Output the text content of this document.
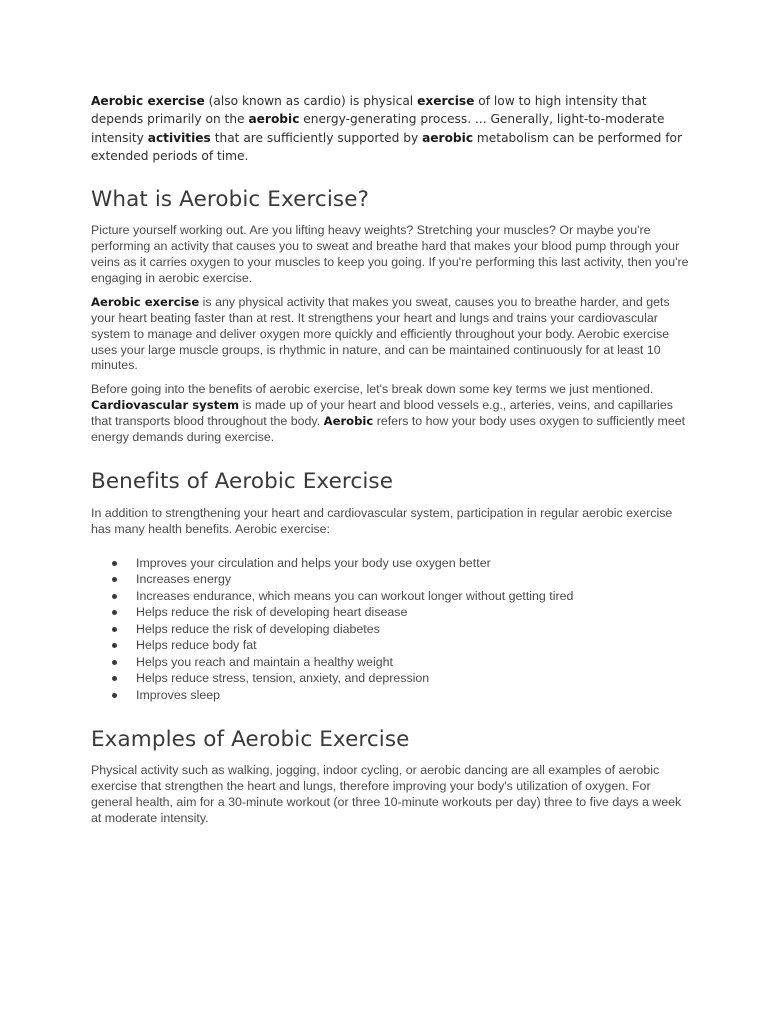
Aerobic exercise (also known as cardio) is physical exercise of low to high intensity that depends primarily on the aerobic energy-generating process. ... Generally, light-to-moderate intensity activities that are sufficiently supported by aerobic metabolism can be performed for extended periods of time.

What is Aerobic Exercise?

Picture yourself working out. Are you lifting heavy weights? Stretching your muscles? Or maybe you're performing an activity that causes you to sweat and breathe hard that makes your blood pump through your veins as it carries oxygen to your muscles to keep you going. If you're performing this last activity, then you're engaging in aerobic exercise.

Aerobic exercise is any physical activity that makes you sweat, causes you to breathe harder, and gets your heart beating faster than at rest. It strengthens your heart and lungs and trains your cardiovascular system to manage and deliver oxygen more quickly and efficiently throughout your body. Aerobic exercise uses your large muscle groups, is rhythmic in nature, and can be maintained continuously for at least 10 minutes.

Before going into the benefits of aerobic exercise, let's break down some key terms we just mentioned. Cardiovascular system is made up of your heart and blood vessels e.g., arteries, veins, and capillaries that transports blood throughout the body. Aerobic refers to how your body uses oxygen to sufficiently meet energy demands during exercise.

Benefits of Aerobic Exercise

In addition to strengthening your heart and cardiovascular system, participation in regular aerobic exercise has many health benefits. Aerobic exercise:

Improves your circulation and helps your body use oxygen better
Increases energy
Increases endurance, which means you can workout longer without getting tired
Helps reduce the risk of developing heart disease
Helps reduce the risk of developing diabetes
Helps reduce body fat
Helps you reach and maintain a healthy weight
Helps reduce stress, tension, anxiety, and depression
Improves sleep
Examples of Aerobic Exercise

Physical activity such as walking, jogging, indoor cycling, or aerobic dancing are all examples of aerobic exercise that strengthen the heart and lungs, therefore improving your body's utilization of oxygen. For general health, aim for a 30-minute workout (or three 10-minute workouts per day) three to five days a week at moderate intensity.
